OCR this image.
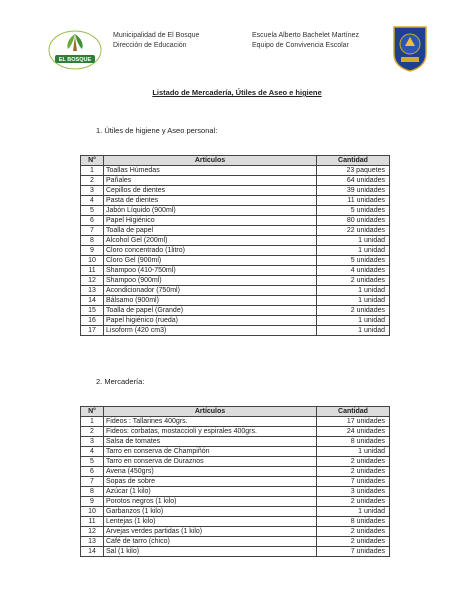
EL BOSQUE
Municipalidad de El Bosque
Dirección de Educación
Escuela Alberto Bachelet Martínez
Equipo de Convivencia Escolar
Listado de Mercadería, Útiles de Aseo e higiene
1. Útiles de higiene y Aseo personal:
N°	Artículos	Cantidad
1	Toallas Húmedas	23 paquetes
2	Pañales	64 unidades
3	Cepillos de dientes	39 unidades
4	Pasta de dientes	11 unidades
5	Jabón Líquido (900ml)	5 unidades
6	Papel Higiénico	80 unidades
7	Toalla de papel	22 unidades
8	Alcohol Gel (200ml)	1 unidad
9	Cloro concentrado (1litro)	1 unidad
10	Cloro Gel (900ml)	5 unidades
11	Shampoo (410-750ml)	4 unidades
12	Shampoo (900ml)	2 unidades
13	Acondicionador (750ml)	1 unidad
14	Bálsamo (900ml)	1 unidad
15	Toalla de papel (Grande)	2 unidades
16	Papel higiénico (rueda)	1 unidad
17	Lisoform (420 cm3)	1 unidad
2. Mercadería:
N°	Artículos	Cantidad
1	Fideos : Tallarines 400grs.	17 unidades
2	Fideos: corbatas, mostaccioli y espirales 400grs.	24 unidades
3	Salsa de tomates	8 unidades
4	Tarro en conserva de Champiñón	1 unidad
5	Tarro en conserva de Duraznos	2 unidades
6	Avena (450grs)	2 unidades
7	Sopas de sobre	7 unidades
8	Azúcar (1 kilo)	3 unidades
9	Porotos negros (1 kilo)	2 unidades
10	Garbanzos (1 kilo)	1 unidad
11	Lentejas (1 kilo)	8 unidades
12	Arvejas verdes partidas (1 kilo)	2 unidades
13	Café de tarro (chico)	2 unidades
14	Sal (1 kilo)	7 unidades
